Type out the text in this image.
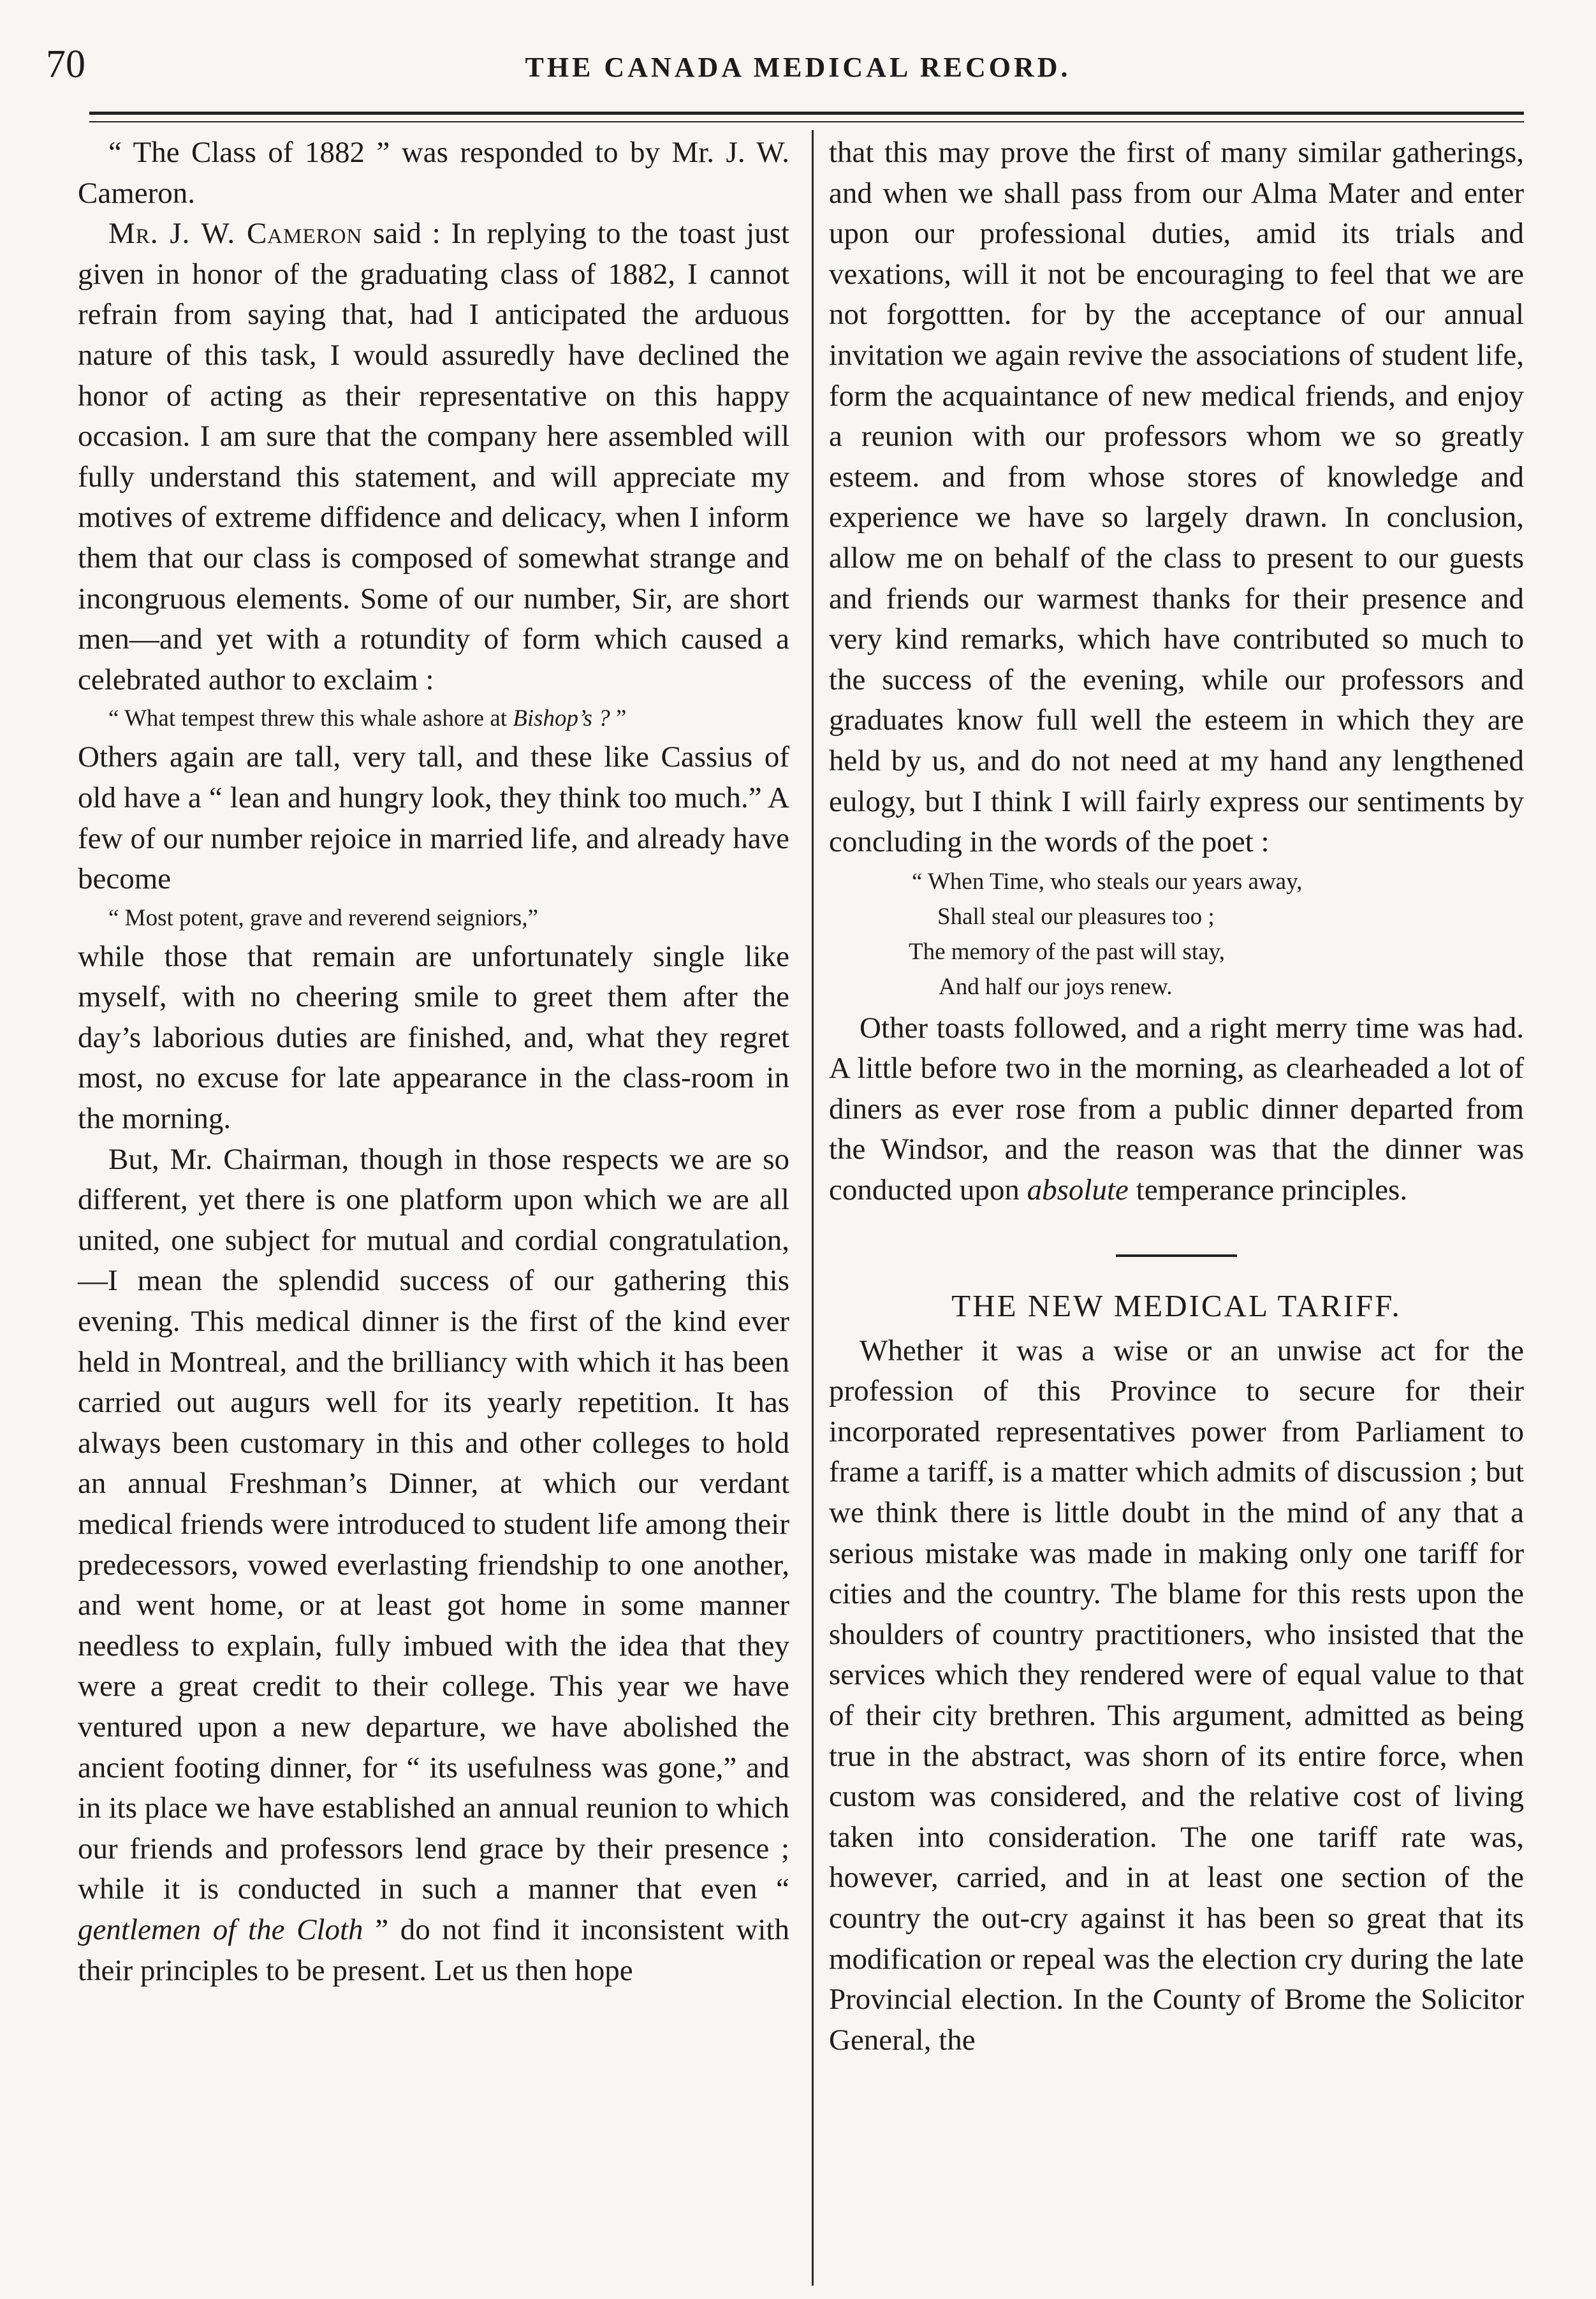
70	THE CANADA MEDICAL RECORD.

“ The Class of 1882 ” was responded to by Mr. J. W. Cameron.

Mr. J. W. Cameron said : In replying to the toast just given in honor of the graduating class of 1882, I cannot refrain from saying that, had I anticipated the arduous nature of this task, I would assuredly have declined the honor of acting as their representative on this happy occasion. I am sure that the company here assembled will fully understand this statement, and will appreciate my motives of extreme diffidence and delicacy, when I inform them that our class is composed of somewhat strange and incongruous elements. Some of our number, Sir, are short men—and yet with a rotundity of form which caused a celebrated author to exclaim :

“ What tempest threw this whale ashore at Bishop’s ? ”

Others again are tall, very tall, and these like Cassius of old have a “ lean and hungry look, they think too much.” A few of our number rejoice in married life, and already have become

“ Most potent, grave and reverend seigniors,”

while those that remain are unfortunately single like myself, with no cheering smile to greet them after the day’s laborious duties are finished, and, what they regret most, no excuse for late appearance in the class-room in the morning.

But, Mr. Chairman, though in those respects we are so different, yet there is one platform upon which we are all united, one subject for mutual and cordial congratulation,—I mean the splendid success of our gathering this evening. This medical dinner is the first of the kind ever held in Montreal, and the brilliancy with which it has been carried out augurs well for its yearly repetition. It has always been customary in this and other colleges to hold an annual Freshman’s Dinner, at which our verdant medical friends were introduced to student life among their predecessors, vowed everlasting friendship to one another, and went home, or at least got home in some manner needless to explain, fully imbued with the idea that they were a great credit to their college. This year we have ventured upon a new departure, we have abolished the ancient footing dinner, for “ its usefulness was gone,” and in its place we have established an annual reunion to which our friends and professors lend grace by their presence ; while it is conducted in such a manner that even “ gentlemen of the Cloth ” do not find it inconsistent with their principles to be present. Let us then hope

that this may prove the first of many similar gatherings, and when we shall pass from our Alma Mater and enter upon our professional duties, amid its trials and vexations, will it not be encouraging to feel that we are not forgottten. for by the acceptance of our annual invitation we again revive the associations of student life, form the acquaintance of new medical friends, and enjoy a reunion with our professors whom we so greatly esteem. and from whose stores of knowledge and experience we have so largely drawn. In conclusion, allow me on behalf of the class to present to our guests and friends our warmest thanks for their presence and very kind remarks, which have contributed so much to the success of the evening, while our professors and graduates know full well the esteem in which they are held by us, and do not need at my hand any lengthened eulogy, but I think I will fairly express our sentiments by concluding in the words of the poet :

“ When Time, who steals our years away,
Shall steal our pleasures too ;
The memory of the past will stay,
And half our joys renew.

Other toasts followed, and a right merry time was had. A little before two in the morning, as clearheaded a lot of diners as ever rose from a public dinner departed from the Windsor, and the reason was that the dinner was conducted upon absolute temperance principles.

THE NEW MEDICAL TARIFF.

Whether it was a wise or an unwise act for the profession of this Province to secure for their incorporated representatives power from Parliament to frame a tariff, is a matter which admits of discussion ; but we think there is little doubt in the mind of any that a serious mistake was made in making only one tariff for cities and the country. The blame for this rests upon the shoulders of country practitioners, who insisted that the services which they rendered were of equal value to that of their city brethren. This argument, admitted as being true in the abstract, was shorn of its entire force, when custom was considered, and the relative cost of living taken into consideration. The one tariff rate was, however, carried, and in at least one section of the country the out-cry against it has been so great that its modification or repeal was the election cry during the late Provincial election. In the County of Brome the Solicitor General, the
